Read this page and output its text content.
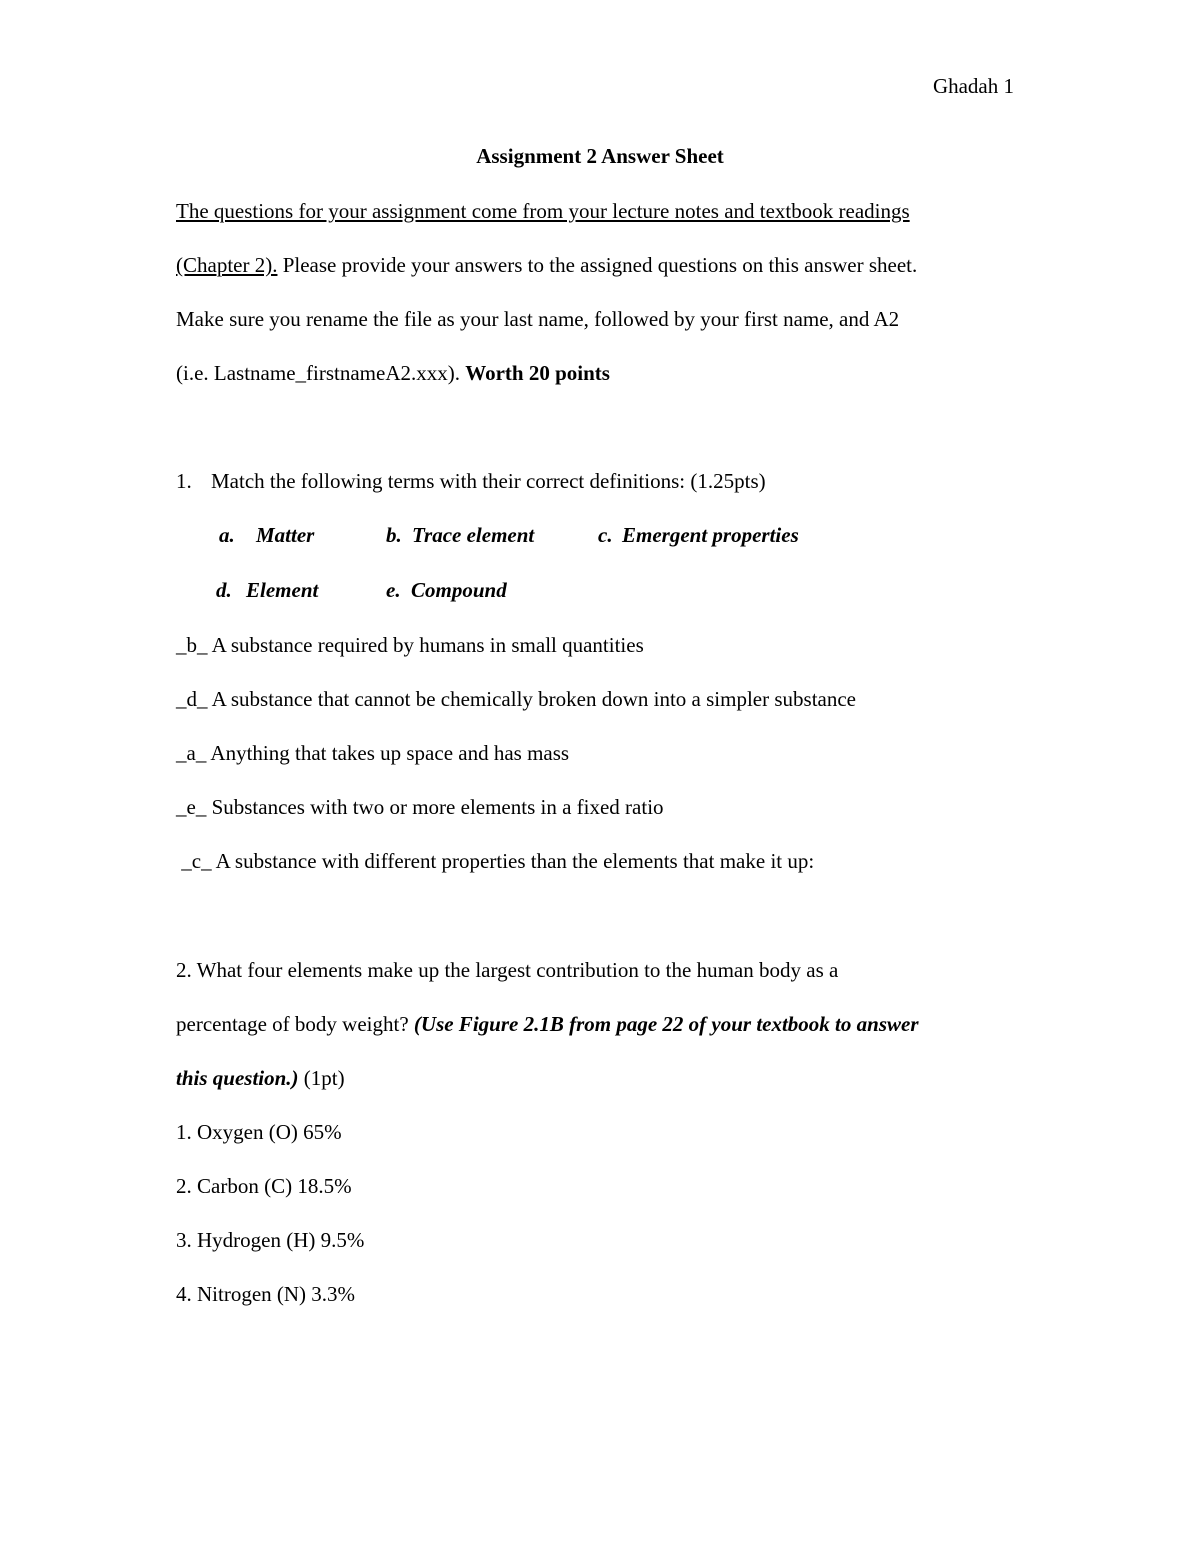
Ghadah 1
Assignment 2 Answer Sheet
The questions for your assignment come from your lecture notes and textbook readings
(Chapter 2). Please provide your answers to the assigned questions on this answer sheet.
Make sure you rename the file as your last name, followed by your first name, and A2
(i.e. Lastname_firstnameA2.xxx). Worth 20 points
1. Match the following terms with their correct definitions: (1.25pts)
a. Matter	b. Trace element	c. Emergent properties
d. Element	e. Compound
_b_ A substance required by humans in small quantities
_d_ A substance that cannot be chemically broken down into a simpler substance
_a_ Anything that takes up space and has mass
_e_ Substances with two or more elements in a fixed ratio
_c_ A substance with different properties than the elements that make it up:
2. What four elements make up the largest contribution to the human body as a
percentage of body weight? (Use Figure 2.1B from page 22 of your textbook to answer
this question.) (1pt)
1. Oxygen (O) 65%
2. Carbon (C) 18.5%
3. Hydrogen (H) 9.5%
4. Nitrogen (N) 3.3%
